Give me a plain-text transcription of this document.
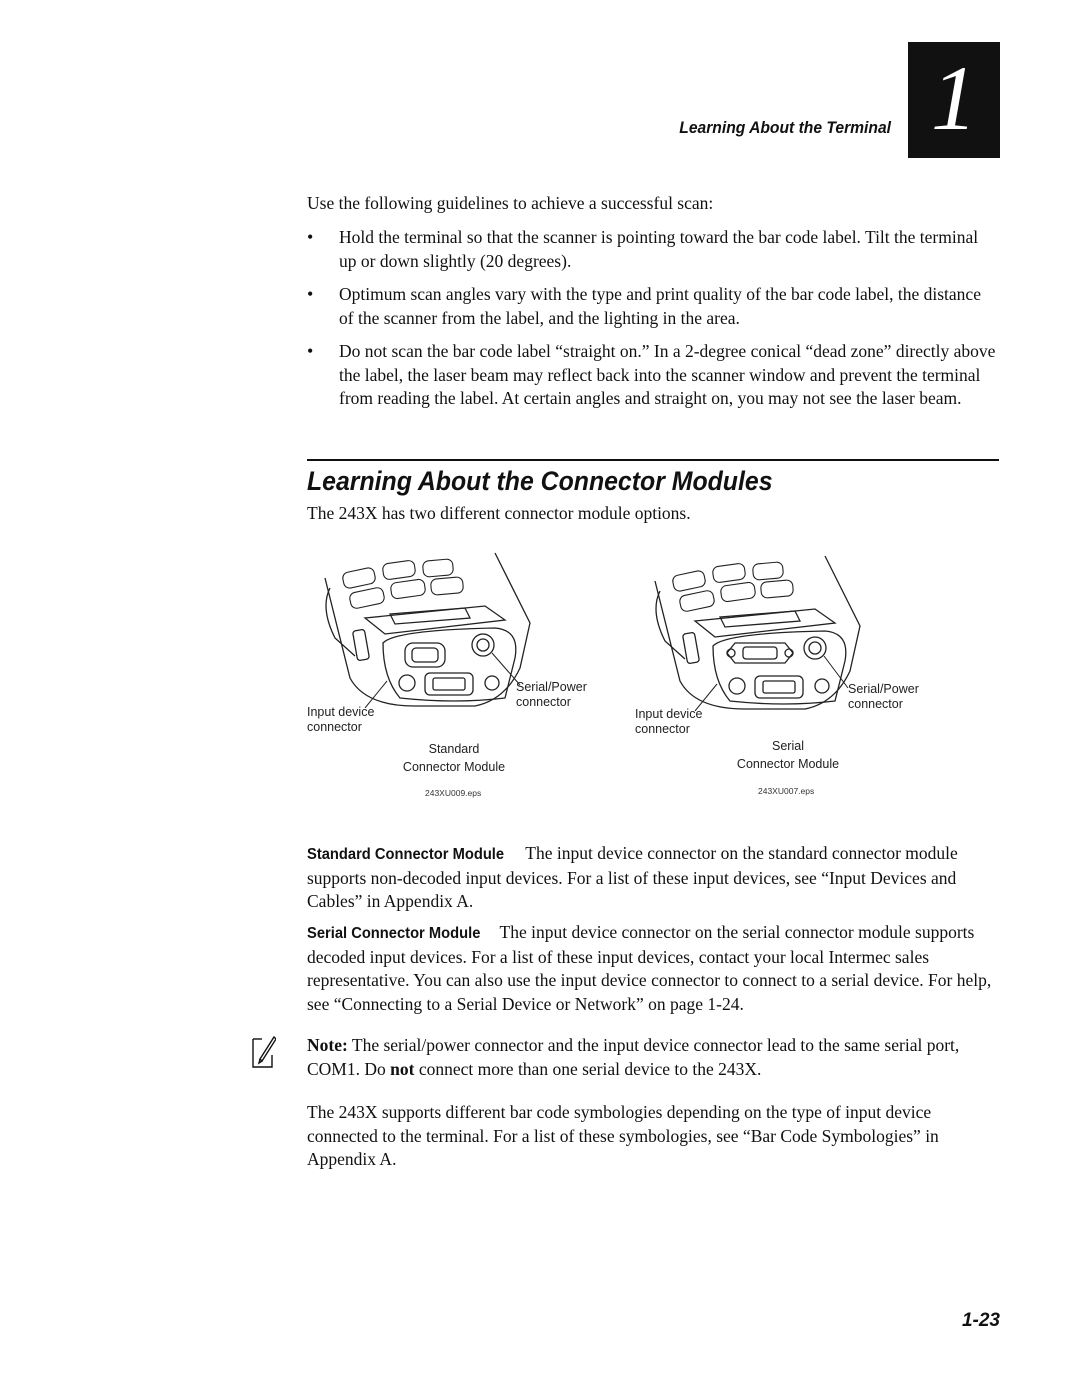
Learning About the Terminal 1
Use the following guidelines to achieve a successful scan:
• Hold the terminal so that the scanner is pointing toward the bar code label. Tilt the terminal up or down slightly (20 degrees).
• Optimum scan angles vary with the type and print quality of the bar code label, the distance of the scanner from the label, and the lighting in the area.
• Do not scan the bar code label “straight on.” In a 2-degree conical “dead zone” directly above the label, the laser beam may reflect back into the scanner window and prevent the terminal from reading the label. At certain angles and straight on, you may not see the laser beam.
Learning About the Connector Modules
The 243X has two different connector module options.
Serial/Power
connector
Input device
connector
Standard
Connector Module
243XU009.eps
Serial/Power
connector
Input device
connector
Serial
Connector Module
243XU007.eps
Standard Connector Module The input device connector on the standard connector module supports non-decoded input devices. For a list of these input devices, see “Input Devices and Cables” in Appendix A.
Serial Connector Module The input device connector on the serial connector module supports decoded input devices. For a list of these input devices, contact your local Intermec sales representative. You can also use the input device connector to connect to a serial device. For help, see “Connecting to a Serial Device or Network” on page 1-24.
Note: The serial/power connector and the input device connector lead to the same serial port, COM1. Do not connect more than one serial device to the 243X.
The 243X supports different bar code symbologies depending on the type of input device connected to the terminal. For a list of these symbologies, see “Bar Code Symbologies” in Appendix A.
1-23
